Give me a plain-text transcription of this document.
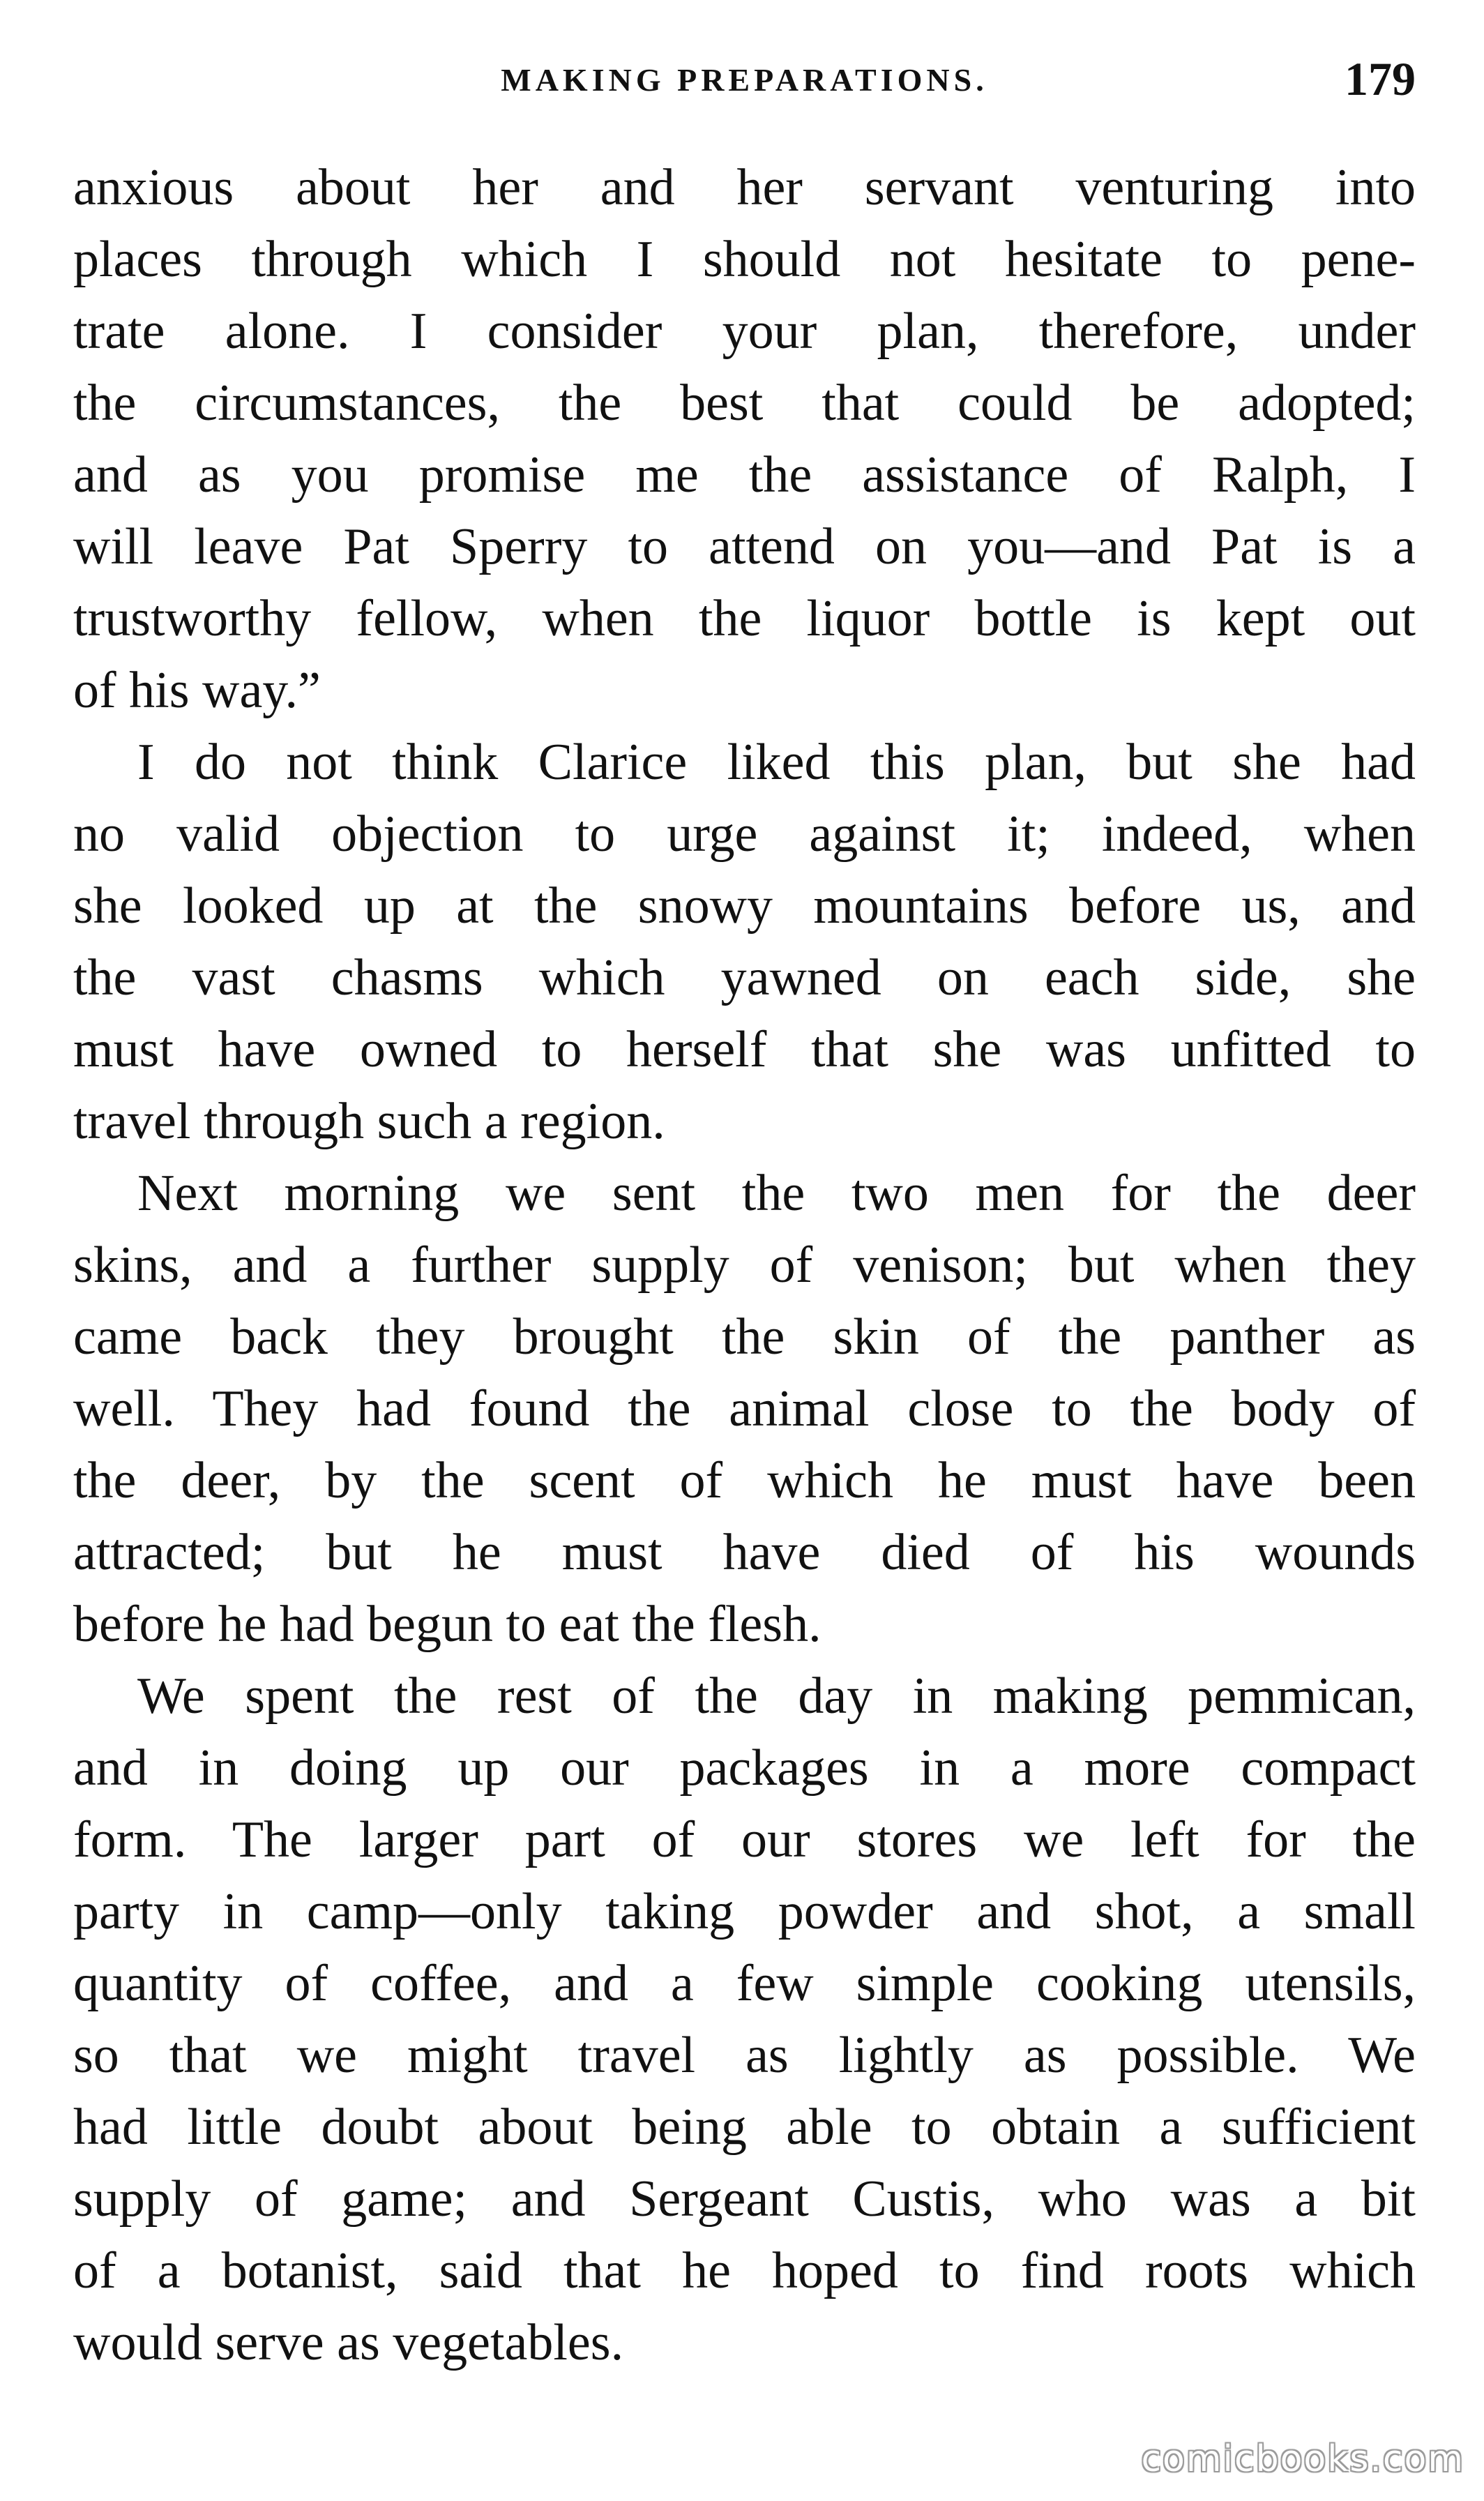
MAKING PREPARATIONS.	179
anxious about her and her servant venturing into
places through which I should not hesitate to pene-
trate alone. I consider your plan, therefore, under
the circumstances, the best that could be adopted;
and as you promise me the assistance of Ralph, I
will leave Pat Sperry to attend on you—and Pat is a
trustworthy fellow, when the liquor bottle is kept out
of his way.”
I do not think Clarice liked this plan, but she had
no valid objection to urge against it; indeed, when
she looked up at the snowy mountains before us, and
the vast chasms which yawned on each side, she
must have owned to herself that she was unfitted to
travel through such a region.
Next morning we sent the two men for the deer
skins, and a further supply of venison; but when they
came back they brought the skin of the panther as
well. They had found the animal close to the body of
the deer, by the scent of which he must have been
attracted; but he must have died of his wounds
before he had begun to eat the flesh.
We spent the rest of the day in making pemmican,
and in doing up our packages in a more compact
form. The larger part of our stores we left for the
party in camp—only taking powder and shot, a small
quantity of coffee, and a few simple cooking utensils,
so that we might travel as lightly as possible. We
had little doubt about being able to obtain a sufficient
supply of game; and Sergeant Custis, who was a bit
of a botanist, said that he hoped to find roots which
would serve as vegetables.
comicbooks.com
